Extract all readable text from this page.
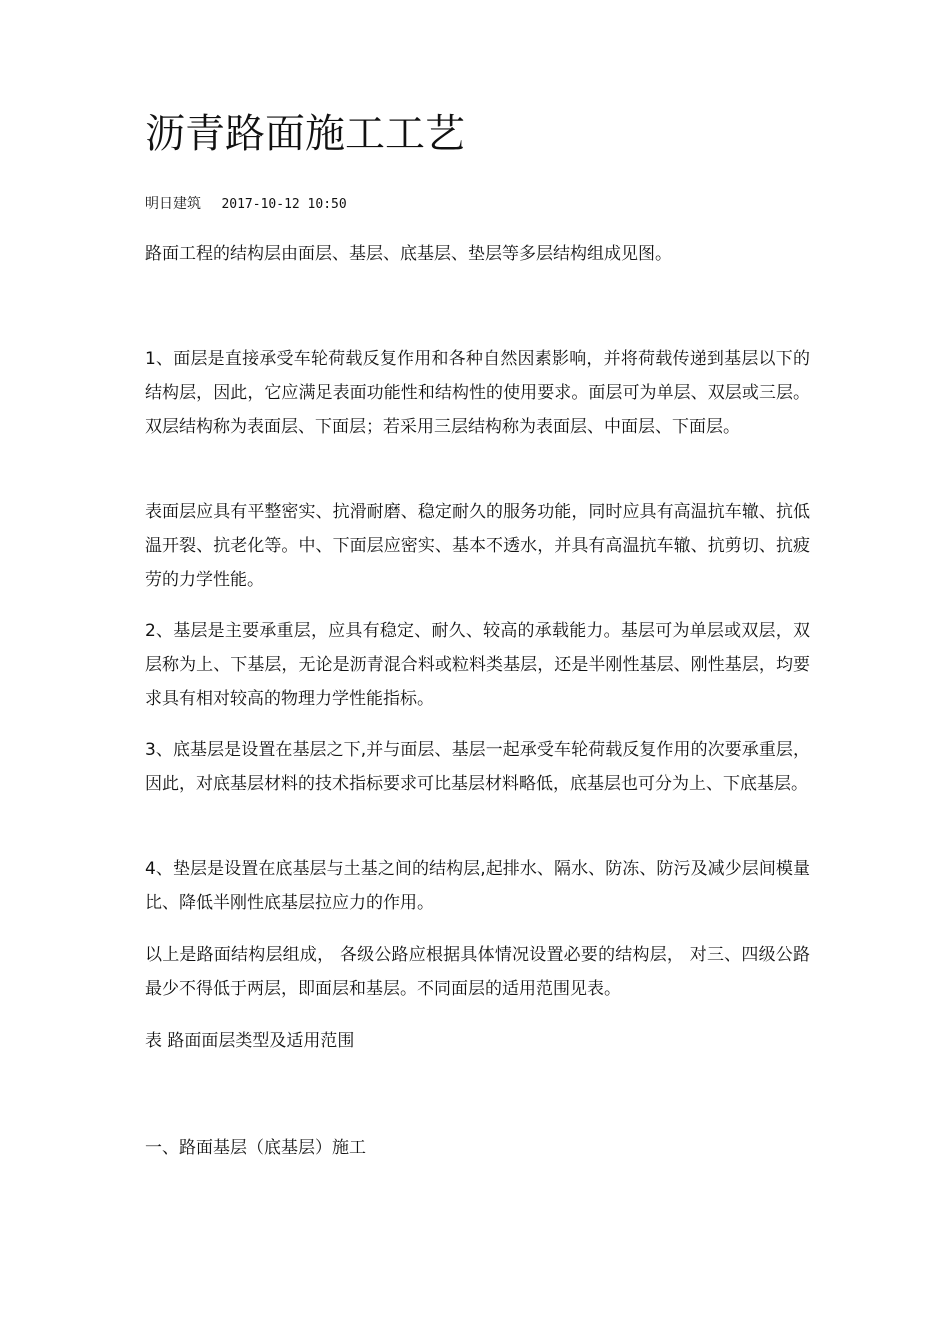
沥青路面施工工艺
明日建筑 2017-10-12 10:50

路面工程的结构层由面层、基层、底基层、垫层等多层结构组成见图。

1、面层是直接承受车轮荷载反复作用和各种自然因素影响，并将荷载传递到基层以下的结构层，因此，它应满足表面功能性和结构性的使用要求。面层可为单层、双层或三层。双层结构称为表面层、下面层；若采用三层结构称为表面层、中面层、下面层。

表面层应具有平整密实、抗滑耐磨、稳定耐久的服务功能，同时应具有高温抗车辙、抗低温开裂、抗老化等。中、下面层应密实、基本不透水，并具有高温抗车辙、抗剪切、抗疲劳的力学性能。

2、基层是主要承重层，应具有稳定、耐久、较高的承载能力。基层可为单层或双层，双层称为上、下基层，无论是沥青混合料或粒料类基层，还是半刚性基层、刚性基层，均要求具有相对较高的物理力学性能指标。

3、底基层是设置在基层之下,并与面层、基层一起承受车轮荷载反复作用的次要承重层，因此，对底基层材料的技术指标要求可比基层材料略低，底基层也可分为上、下底基层。

4、垫层是设置在底基层与土基之间的结构层,起排水、隔水、防冻、防污及减少层间模量比、降低半刚性底基层拉应力的作用。

以上是路面结构层组成， 各级公路应根据具体情况设置必要的结构层， 对三、四级公路最少不得低于两层，即面层和基层。不同面层的适用范围见表。

表 路面面层类型及适用范围

一、路面基层（底基层）施工
